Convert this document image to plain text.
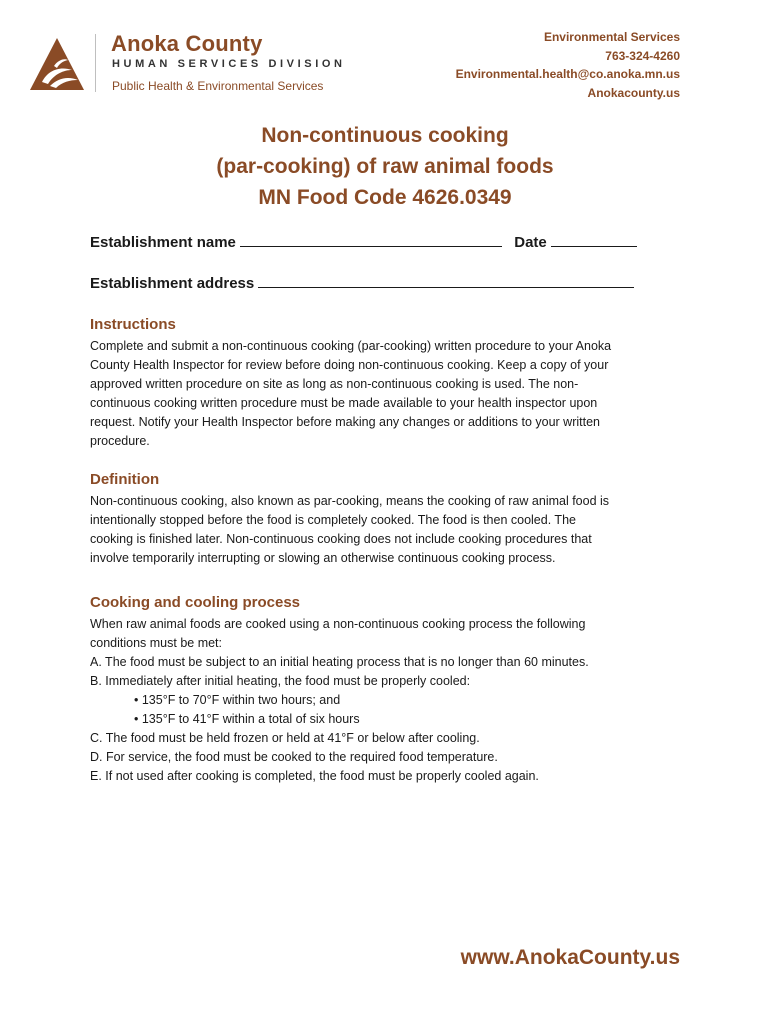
Anoka County
HUMAN SERVICES DIVISION
Public Health & Environmental Services
Environmental Services
763-324-4260
Environmental.health@co.anoka.mn.us
Anokacounty.us
Non-continuous cooking
(par-cooking) of raw animal foods
MN Food Code 4626.0349
Establishment name	Date
Establishment address
Instructions

Complete and submit a non-continuous cooking (par-cooking) written procedure to your Anoka

County Health Inspector for review before doing non-continuous cooking. Keep a copy of your

approved written procedure on site as long as non-continuous cooking is used. The non-

continuous cooking written procedure must be made available to your health inspector upon

request. Notify your Health Inspector before making any changes or additions to your written

procedure.

Definition

Non-continuous cooking, also known as par-cooking, means the cooking of raw animal food is

intentionally stopped before the food is completely cooked. The food is then cooled. The

cooking is finished later. Non-continuous cooking does not include cooking procedures that

involve temporarily interrupting or slowing an otherwise continuous cooking process.

Cooking and cooling process

When raw animal foods are cooked using a non-continuous cooking process the following

conditions must be met:

A. The food must be subject to an initial heating process that is no longer than 60 minutes.

B. Immediately after initial heating, the food must be properly cooled:

• 135°F to 70°F within two hours; and

• 135°F to 41°F within a total of six hours

C. The food must be held frozen or held at 41°F or below after cooling.

D. For service, the food must be cooked to the required food temperature.

E. If not used after cooking is completed, the food must be properly cooled again.

www.AnokaCounty.us
